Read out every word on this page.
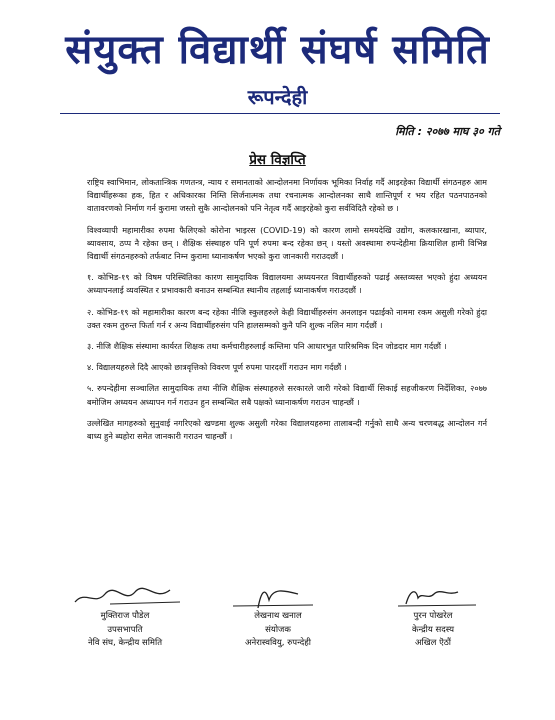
संयुक्त विद्यार्थी संघर्ष समिति
रूपन्देही
मिति : २०७७ माघ ३० गते
प्रेस विज्ञप्ति

राष्ट्रिय स्वाभिमान, लोकतान्त्रिक गणतन्त्र, न्याय र समानताको आन्दोलनमा निर्णायक भूमिका निर्वाह गर्दै आइरहेका विद्यार्थी संगठनहरु आम विद्यार्थीहरूका हक, हित र अधिकारका निम्ति सिर्जनात्मक तथा रचनात्मक आन्दोलनका साथै शान्तिपूर्ण र भय रहित पठनपाठनको वातावरणको निर्माण गर्न कुरामा जस्तो सुकै आन्दोलनको पनि नेतृत्व गर्दै आइरहेको कुरा सर्वविदितै रहेको छ ।

विश्वव्यापी महामारीका रुपमा फैलिएको कोरोना भाइरस (COVID-19) को कारण लामो समयदेखि उद्योग, कलकारखाना, ब्यापार, ब्यावसाय, ठप्प नै रहेका छन् । शैक्षिक संस्थाहरु पनि पूर्ण रुपमा बन्द रहेका छन् । यस्तो अवस्थामा रुपन्देहीमा क्रियाशिल हामी विभिन्न विद्यार्थी संगठनहरुको तर्फबाट निम्न कुरामा ध्यानाकर्षण भएको कुरा जानकारी गराउदछौं ।

१. कोभिड-१९ को विषम परिस्थितिका कारण सामुदायिक विद्यालयमा अध्ययनरत विद्यार्थीहरुको पढाई अस्तव्यस्त भएको हुंदा अध्ययन अध्यापनलाई व्यवस्थित र प्रभावकारी बनाउन सम्बन्धित स्थानीय तहलाई ध्यानाकर्षण गराउदछौं ।

२. कोभिड-१९ को महामारीका कारण बन्द रहेका नीजि स्कुलहरुले केही विद्यार्थीहरुसंग अनलाइन पढाईको नाममा रकम असुली गरेको हुंदा उक्त रकम तुरुन्त फिर्ता गर्न र अन्य विद्यार्थीहरुसंग पनि हालसम्मको कुनै पनि शुल्क नलिन माग गर्दछौं ।

३. नीजि शैक्षिक संस्थामा कार्यरत शिक्षक तथा कर्मचारीहरुलाई कम्तिमा पनि आधारभुत पारिश्रमिक दिन जोडदार माग गर्दछौं ।

४. विद्यालयहरुले दिदै आएको छात्रवृत्तिको विवरण पूर्ण रुपमा पारदर्शी गराउन माग गर्दछौं ।

५. रुपन्देहीमा सञ्चालित सामुदायिक तथा नीजि शैक्षिक संस्थाहरुले सरकारले जारी गरेको विद्यार्थी सिकाई सहजीकरण निर्देशिका, २०७७ बमोजिम अध्ययन अध्यापन गर्न गराउन हुन सम्बन्धित सबै पक्षको ध्यानाकर्षण गराउन चाहन्छौं ।

उल्लेखित मागहरुको सुनुवाई नगरिएको खण्डमा शुल्क असुली गरेका विद्यालयहरुमा तालाबन्दी गर्नुको साथै अन्य चरणबद्ध आन्दोलन गर्न बाध्य हुने ब्यहोरा समेत जानकारी गराउन चाहन्छौं ।

मुक्तिराज पौडेल
उपसभापति
नेवि संघ, केन्द्रीय समिति
लेखनाथ खनाल
संयोजक
अनेरास्ववियु, रुपन्देही
पुरन पोखरेल
केन्द्रीय सदस्य
अखिल ऎठौं
